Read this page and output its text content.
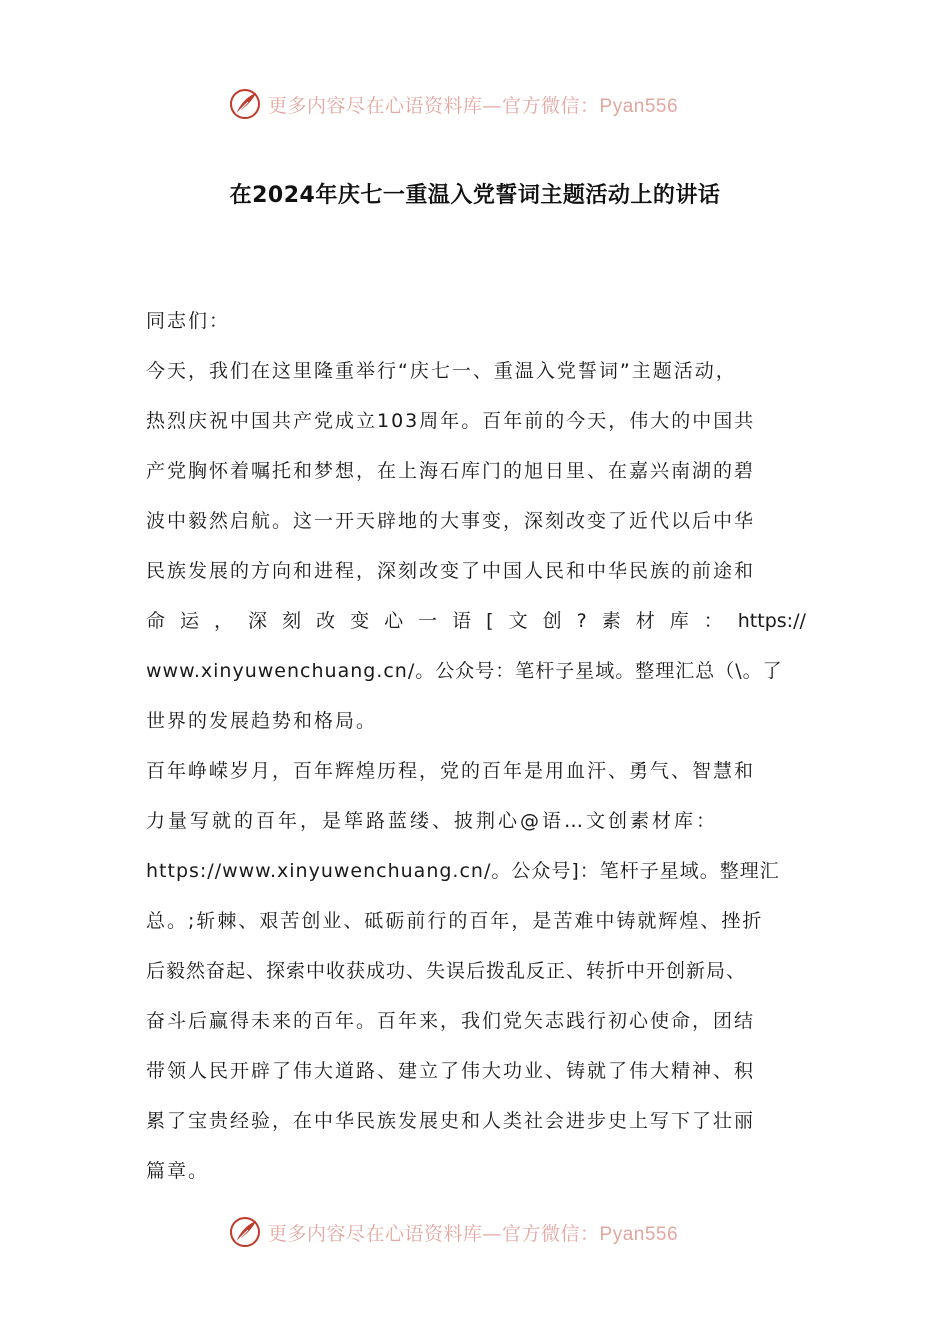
更多内容尽在心语资料库—官方微信：Pyan556
在2024年庆七一重温入党誓词主题活动上的讲话
同志们：
今天，我们在这里隆重举行“庆七一、重温入党誓词”主题活动，
热烈庆祝中国共产党成立103周年。百年前的今天，伟大的中国共
产党胸怀着嘱托和梦想，在上海石库门的旭日里、在嘉兴南湖的碧
波中毅然启航。这一开天辟地的大事变，深刻改变了近代以后中华
民族发展的方向和进程，深刻改变了中国人民和中华民族的前途和
命 运 ， 深 刻 改 变 心 一 语 [ 文 创 ? 素 材 库 ： https://
www.xinyuwenchuang.cn/。公众号：笔杆子星域。整理汇总（\。了
世界的发展趋势和格局。
百年峥嵘岁月，百年辉煌历程，党的百年是用血汗、勇气、智慧和
力量写就的百年，是筚路蓝缕、披荆心@语…文创素材库：
https://www.xinyuwenchuang.cn/。公众号]：笔杆子星域。整理汇
总。;斩棘、艰苦创业、砥砺前行的百年，是苦难中铸就辉煌、挫折
后毅然奋起、探索中收获成功、失误后拨乱反正、转折中开创新局、
奋斗后赢得未来的百年。百年来，我们党矢志践行初心使命，团结
带领人民开辟了伟大道路、建立了伟大功业、铸就了伟大精神、积
累了宝贵经验，在中华民族发展史和人类社会进步史上写下了壮丽
篇章。
更多内容尽在心语资料库—官方微信：Pyan556
